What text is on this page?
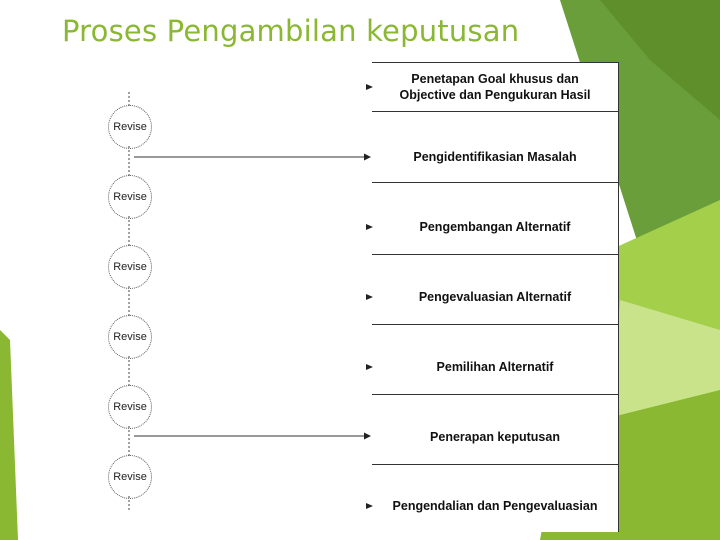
Proses Pengambilan keputusan
Penetapan Goal khusus dan
Objective dan Pengukuran Hasil
Pengidentifikasian Masalah
Pengembangan Alternatif
Pengevaluasian Alternatif
Pemilihan Alternatif
Penerapan keputusan
Pengendalian dan Pengevaluasian
Revise
Revise
Revise
Revise
Revise
Revise
